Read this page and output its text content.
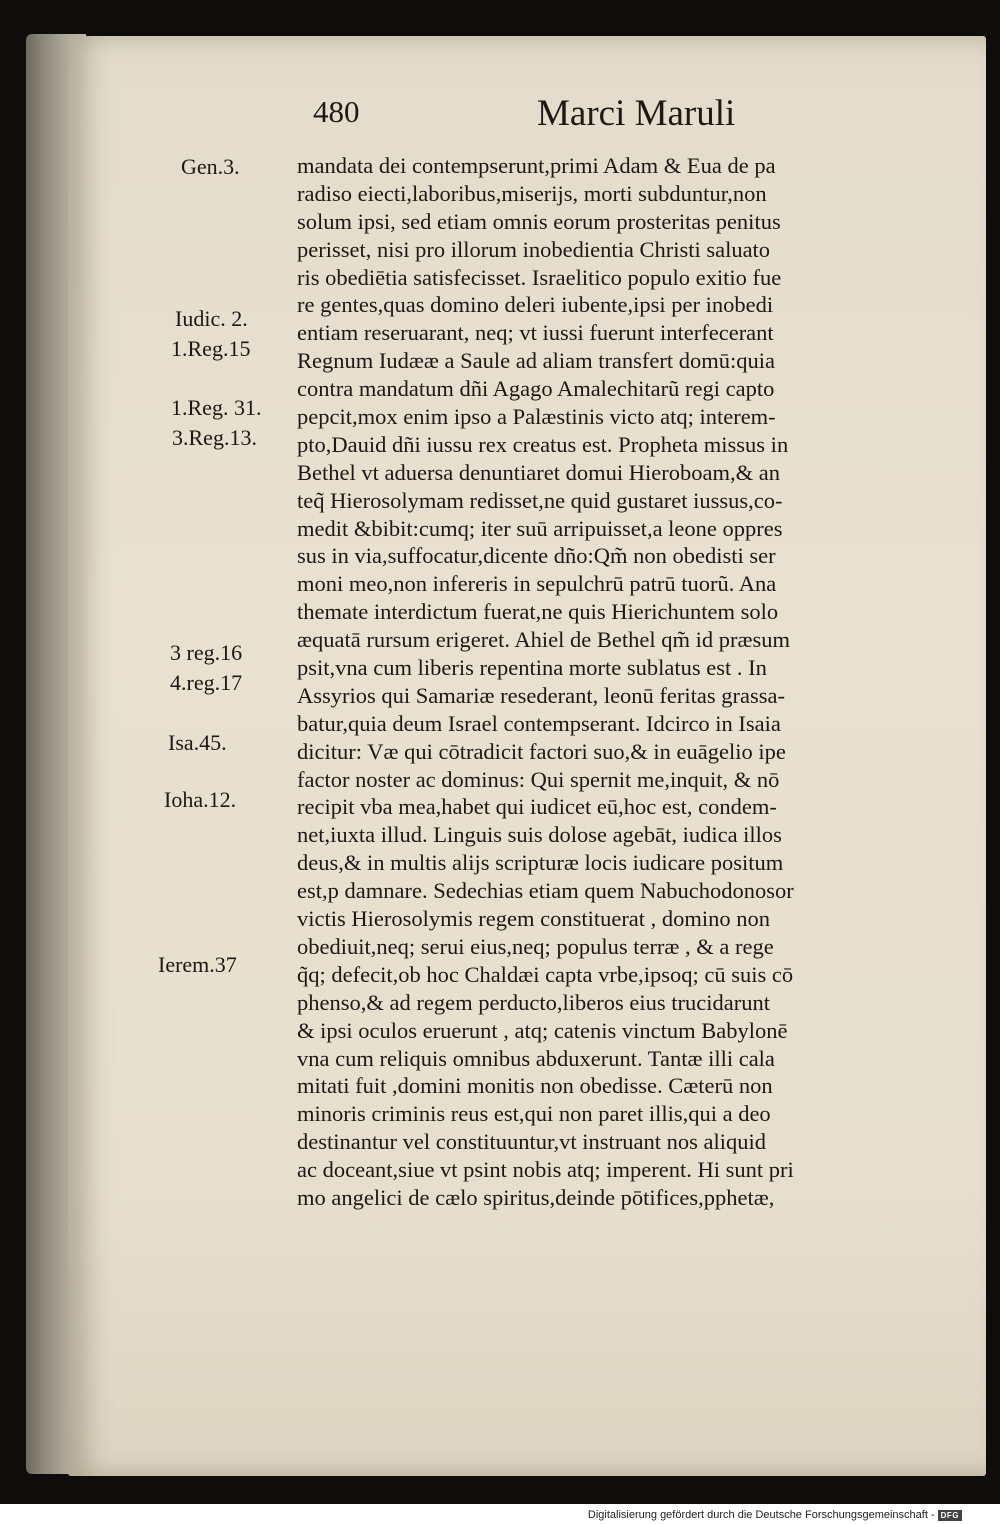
480	Marci Maruli
Gen.3.
Iudic. 2.
1.Reg.15
1.Reg. 31.
3.Reg.13.
3 reg.16
4.reg.17
Isa.45.
Ioha.12.
Ierem.37
mandata dei contempserunt,primi Adam & Eua de pa
radiso eiecti,laboribus,miserijs, morti subduntur,non
solum ipsi, sed etiam omnis eorum prosteritas penitus
perisset, nisi pro illorum inobedientia Christi saluato
ris obediētia satisfecisset. Israelitico populo exitio fue
re gentes,quas domino deleri iubente,ipsi per inobedi
entiam reseruarant, neq; vt iussi fuerunt interfecerant
Regnum Iudææ a Saule ad aliam transfert domū:quia
contra mandatum dñi Agago Amalechitarũ regi capto
pepcit,mox enim ipso a Palæstinis victo atq; interem-
pto,Dauid dñi iussu rex creatus est. Propheta missus in
Bethel vt aduersa denuntiaret domui Hieroboam,& an
teq̃ Hierosolymam redisset,ne quid gustaret iussus,co-
medit &bibit:cumq; iter suū arripuisset,a leone oppres
sus in via,suffocatur,dicente dño:Qm̃ non obedisti ser
moni meo,non infereris in sepulchrū patrū tuorũ. Ana
themate interdictum fuerat,ne quis Hierichuntem solo
æquatā rursum erigeret. Ahiel de Bethel qm̃ id præsum
psit,vna cum liberis repentina morte sublatus est . In
Assyrios qui Samariæ resederant, leonū feritas grassa-
batur,quia deum Israel contempserant. Idcirco in Isaia
dicitur: Væ qui cōtradicit factori suo,& in euāgelio ipe
factor noster ac dominus: Qui spernit me,inquit, & nō
recipit vba mea,habet qui iudicet eū,hoc est, condem-
net,iuxta illud. Linguis suis dolose agebāt, iudica illos
deus,& in multis alijs scripturæ locis iudicare positum
est,p damnare. Sedechias etiam quem Nabuchodonosor
victis Hierosolymis regem constituerat , domino non
obediuit,neq; serui eius,neq; populus terræ , & a rege
q̃q; defecit,ob hoc Chaldæi capta vrbe,ipsoq; cū suis cō
phenso,& ad regem perducto,liberos eius trucidarunt
& ipsi oculos eruerunt , atq; catenis vinctum Babylonē
vna cum reliquis omnibus abduxerunt. Tantæ illi cala
mitati fuit ,domini monitis non obedisse. Cæterū non
minoris criminis reus est,qui non paret illis,qui a deo
destinantur vel constituuntur,vt instruant nos aliquid
ac doceant,siue vt psint nobis atq; imperent. Hi sunt pri
mo angelici de cælo spiritus,deinde pōtifices,pphetæ,
Digitalisierung gefördert durch die Deutsche Forschungsgemeinschaft - DFG
